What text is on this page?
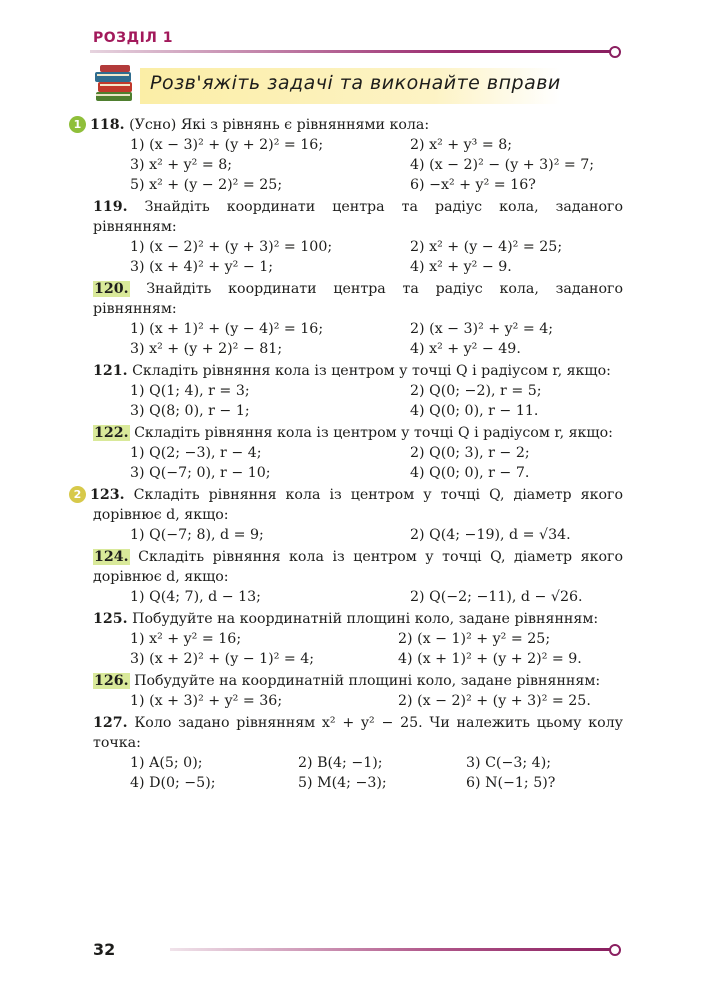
РОЗДІЛ 1
Розв'яжіть задачі та виконайте вправи
1 118. (Усно) Які з рівнянь є рівняннями кола:
1) (x − 3)² + (y + 2)² = 16;	2) x² + y³ = 8;
3) x² + y² = 8;	4) (x − 2)² − (y + 3)² = 7;
5) x² + (y − 2)² = 25;	6) −x² + y² = 16?
119. Знайдіть координати центра та радіус кола, заданого рівнянням:
1) (x − 2)² + (y + 3)² = 100;	2) x² + (y − 4)² = 25;
3) (x + 4)² + y² − 1;	4) x² + y² − 9.
120. Знайдіть координати центра та радіус кола, заданого рівнянням:
1) (x + 1)² + (y − 4)² = 16;	2) (x − 3)² + y² = 4;
3) x² + (y + 2)² − 81;	4) x² + y² − 49.
121. Складіть рівняння кола із центром у точці Q і радіусом r, якщо:
1) Q(1; 4), r = 3;	2) Q(0; −2), r = 5;
3) Q(8; 0), r − 1;	4) Q(0; 0), r − 11.
122. Складіть рівняння кола із центром у точці Q і радіусом r, якщо:
1) Q(2; −3), r − 4;	2) Q(0; 3), r − 2;
3) Q(−7; 0), r − 10;	4) Q(0; 0), r − 7.
2 123. Складіть рівняння кола із центром у точці Q, діаметр якого дорівнює d, якщо:
1) Q(−7; 8), d = 9;	2) Q(4; −19), d = √34.
124. Складіть рівняння кола із центром у точці Q, діаметр якого дорівнює d, якщо:
1) Q(4; 7), d − 13;	2) Q(−2; −11), d − √26.
125. Побудуйте на координатній площині коло, задане рівнянням:
1) x² + y² = 16;	2) (x − 1)² + y² = 25;
3) (x + 2)² + (y − 1)² = 4;	4) (x + 1)² + (y + 2)² = 9.
126. Побудуйте на координатній площині коло, задане рівнянням:
1) (x + 3)² + y² = 36;	2) (x − 2)² + (y + 3)² = 25.
127. Коло задано рівнянням x² + y² − 25. Чи належить цьому колу точка:
1) A(5; 0);	2) B(4; −1);	3) C(−3; 4);
4) D(0; −5);	5) M(4; −3);	6) N(−1; 5)?
32
